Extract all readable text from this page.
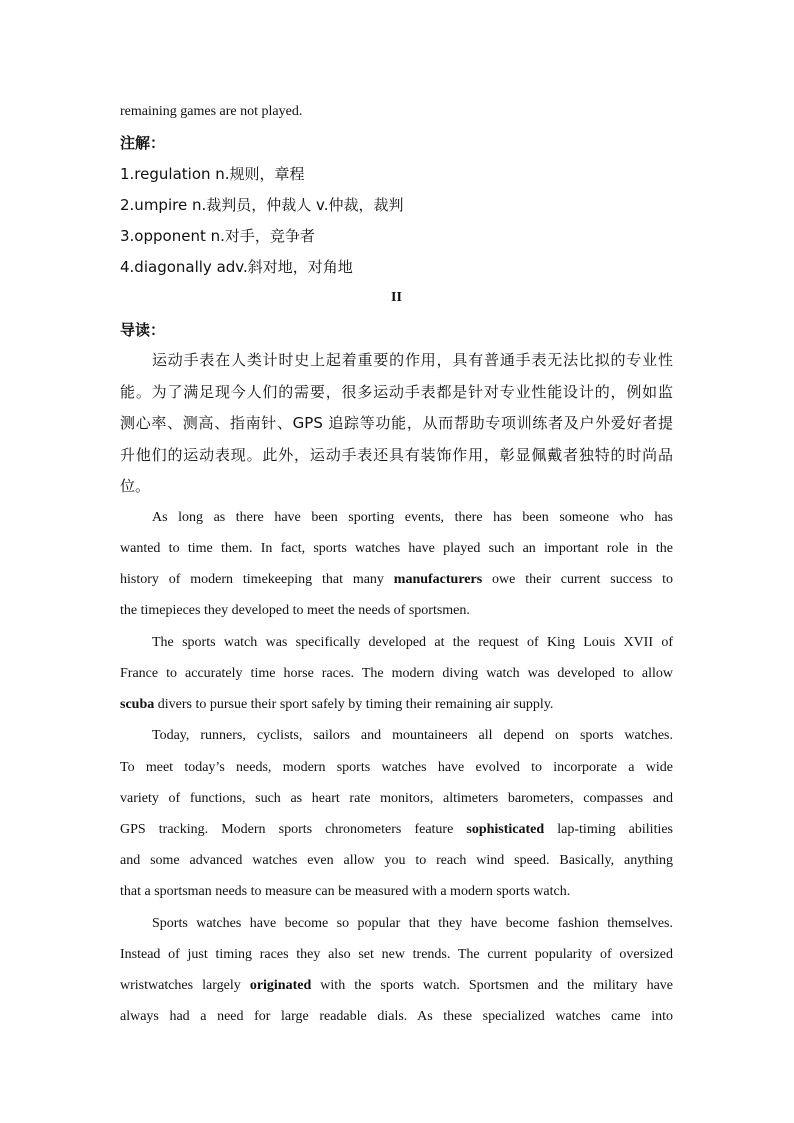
remaining games are not played.
注解：
1.regulation n.规则，章程
2.umpire n.裁判员，仲裁人 v.仲裁，裁判
3.opponent n.对手，竞争者
4.diagonally adv.斜对地，对角地
II
导读：
运动手表在人类计时史上起着重要的作用，具有普通手表无法比拟的专业性
能。为了满足现今人们的需要，很多运动手表都是针对专业性能设计的，例如监
测心率、测高、指南针、GPS 追踪等功能，从而帮助专项训练者及户外爱好者提
升他们的运动表现。此外，运动手表还具有装饰作用，彰显佩戴者独特的时尚品
位。
As long as there have been sporting events, there has been someone who has
wanted to time them. In fact, sports watches have played such an important role in the
history of modern timekeeping that many manufacturers owe their current success to
the timepieces they developed to meet the needs of sportsmen.
The sports watch was specifically developed at the request of King Louis XVII of
France to accurately time horse races. The modern diving watch was developed to allow
scuba divers to pursue their sport safely by timing their remaining air supply.
Today, runners, cyclists, sailors and mountaineers all depend on sports watches.
To meet today’s needs, modern sports watches have evolved to incorporate a wide
variety of functions, such as heart rate monitors, altimeters barometers, compasses and
GPS tracking. Modern sports chronometers feature sophisticated lap-timing abilities
and some advanced watches even allow you to reach wind speed. Basically, anything
that a sportsman needs to measure can be measured with a modern sports watch.
Sports watches have become so popular that they have become fashion themselves.
Instead of just timing races they also set new trends. The current popularity of oversized
wristwatches largely originated with the sports watch. Sportsmen and the military have
always had a need for large readable dials. As these specialized watches came into
